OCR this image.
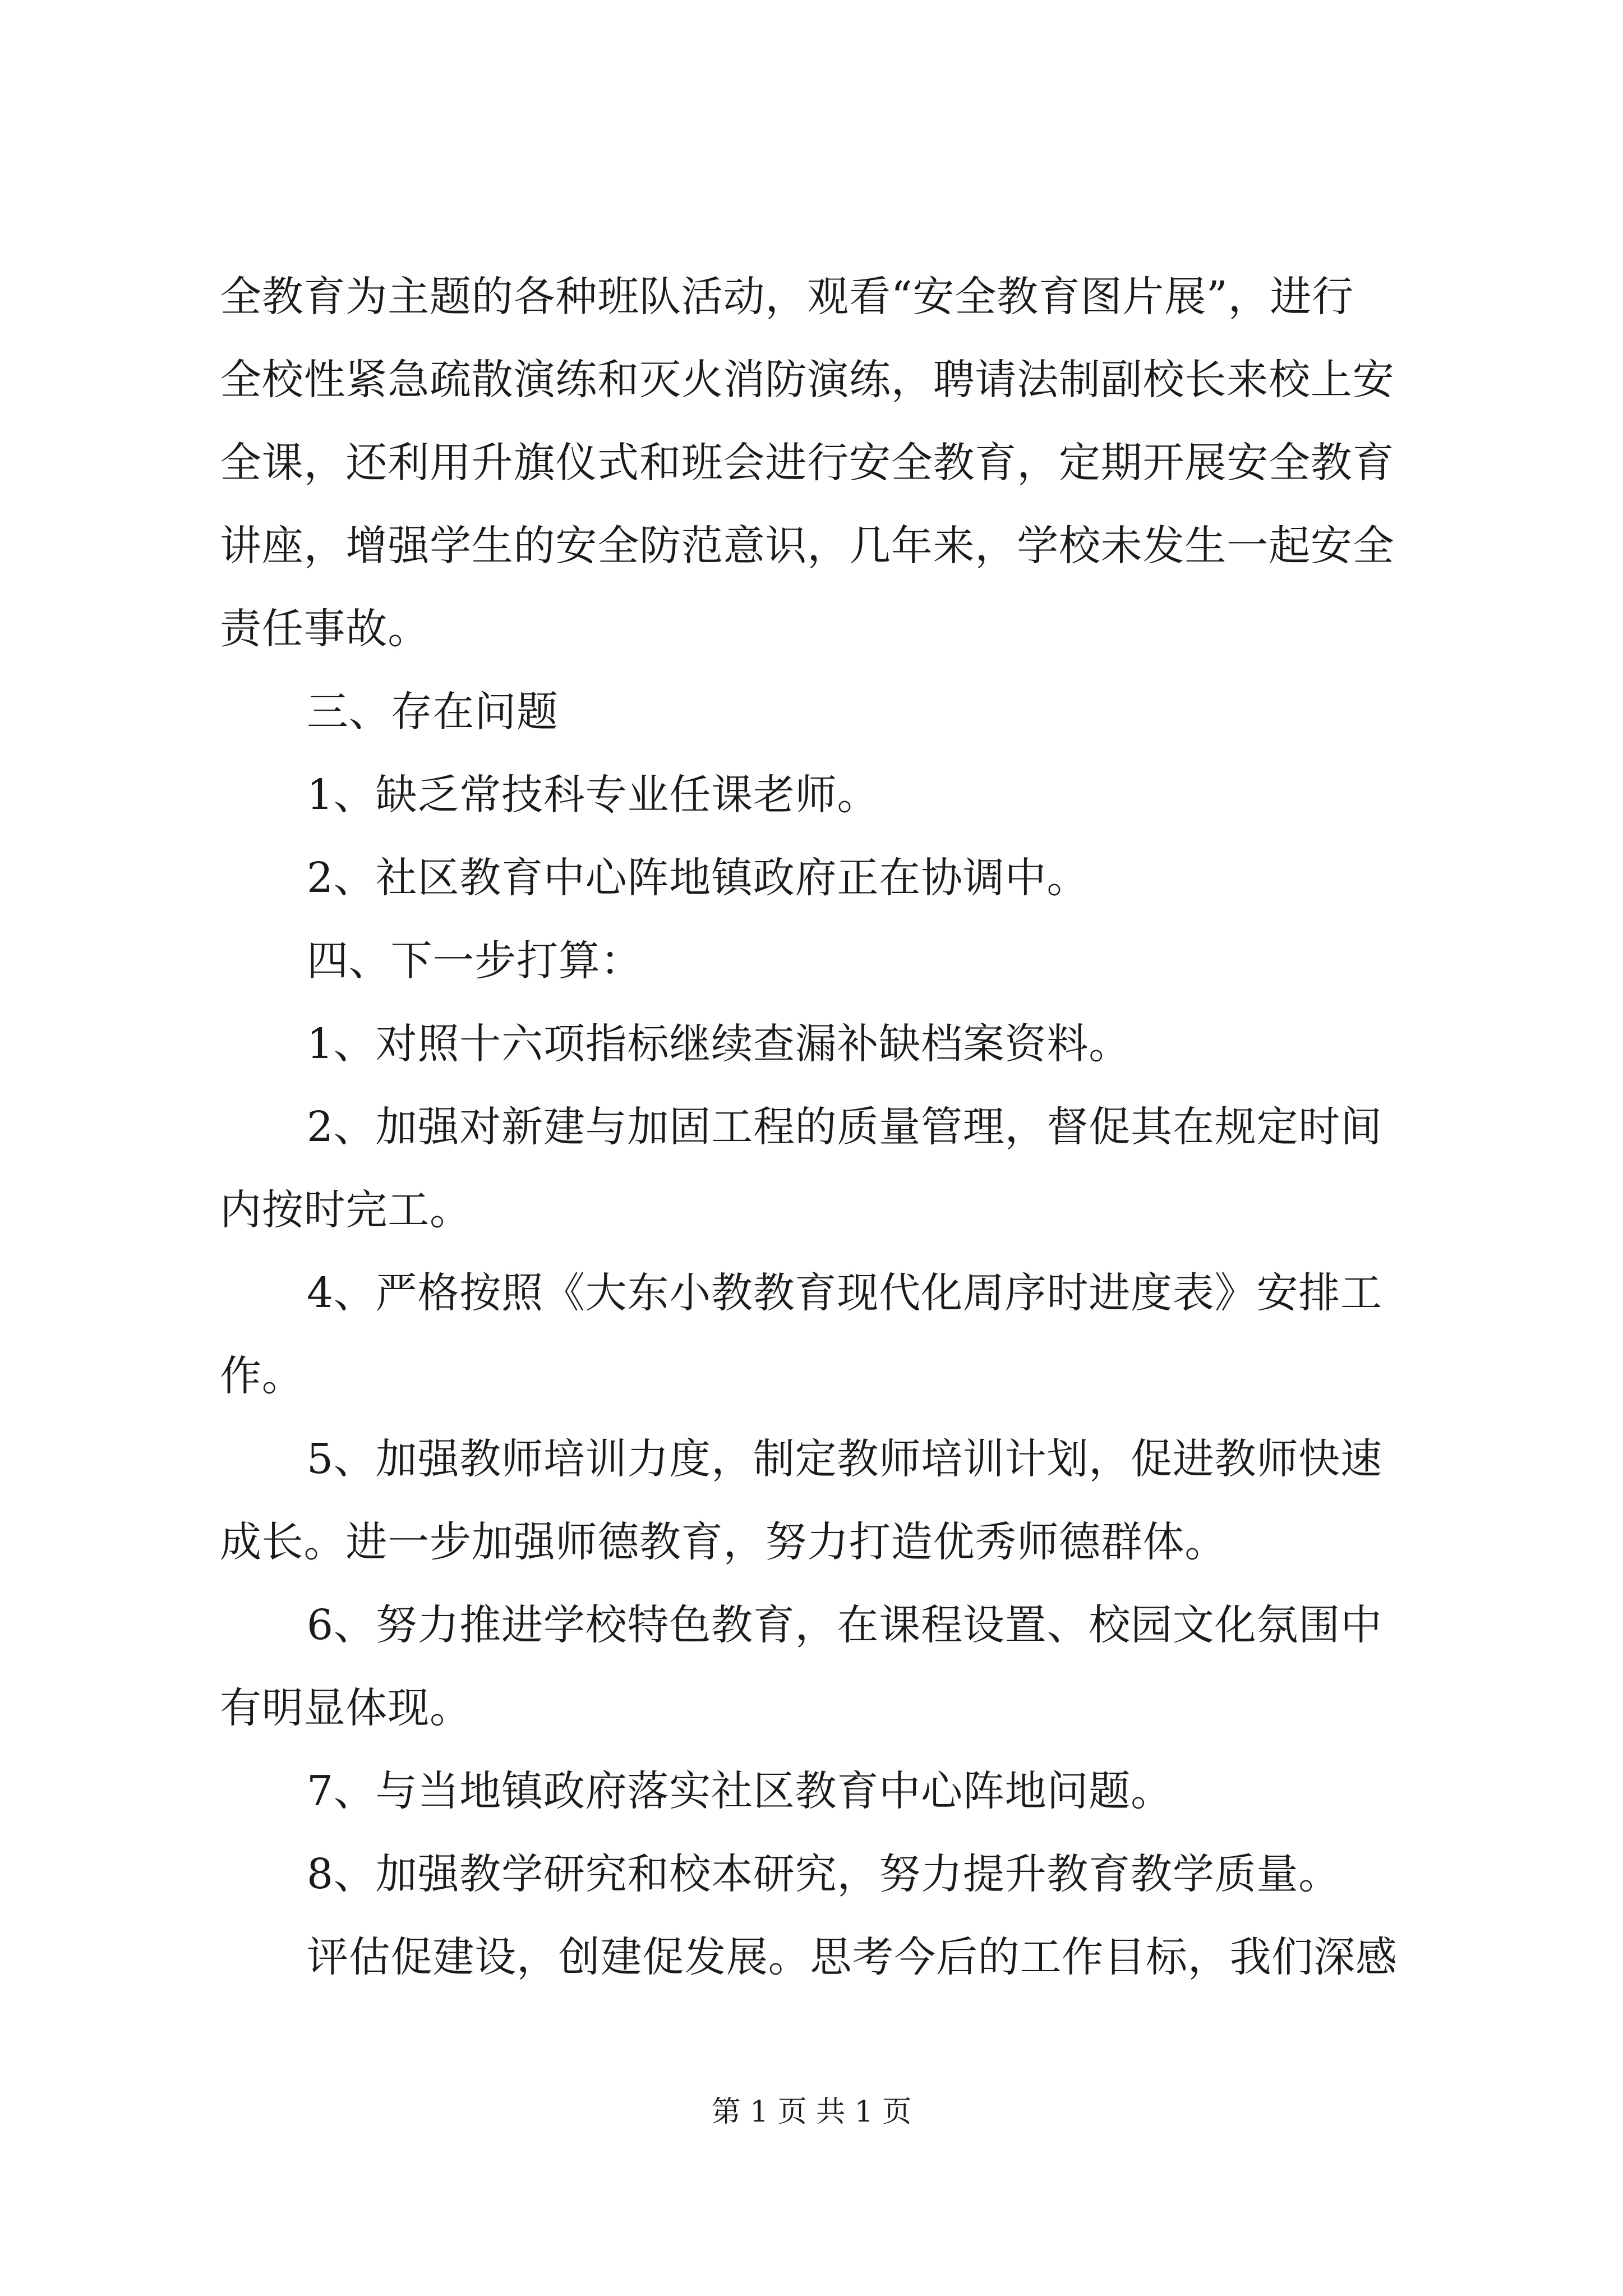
全教育为主题的各种班队活动，观看“安全教育图片展”，进行
全校性紧急疏散演练和灭火消防演练，聘请法制副校长来校上安
全课，还利用升旗仪式和班会进行安全教育，定期开展安全教育
讲座，增强学生的安全防范意识，几年来，学校未发生一起安全
责任事故。
三、存在问题
1、缺乏常技科专业任课老师。
2、社区教育中心阵地镇政府正在协调中。
四、下一步打算：
1、对照十六项指标继续查漏补缺档案资料。
2、加强对新建与加固工程的质量管理，督促其在规定时间
内按时完工。
4、严格按照《大东小教教育现代化周序时进度表》安排工
作。
5、加强教师培训力度，制定教师培训计划，促进教师快速
成长。进一步加强师德教育，努力打造优秀师德群体。
6、努力推进学校特色教育，在课程设置、校园文化氛围中
有明显体现。
7、与当地镇政府落实社区教育中心阵地问题。
8、加强教学研究和校本研究，努力提升教育教学质量。
评估促建设，创建促发展。思考今后的工作目标，我们深感
第 1 页 共 1 页
